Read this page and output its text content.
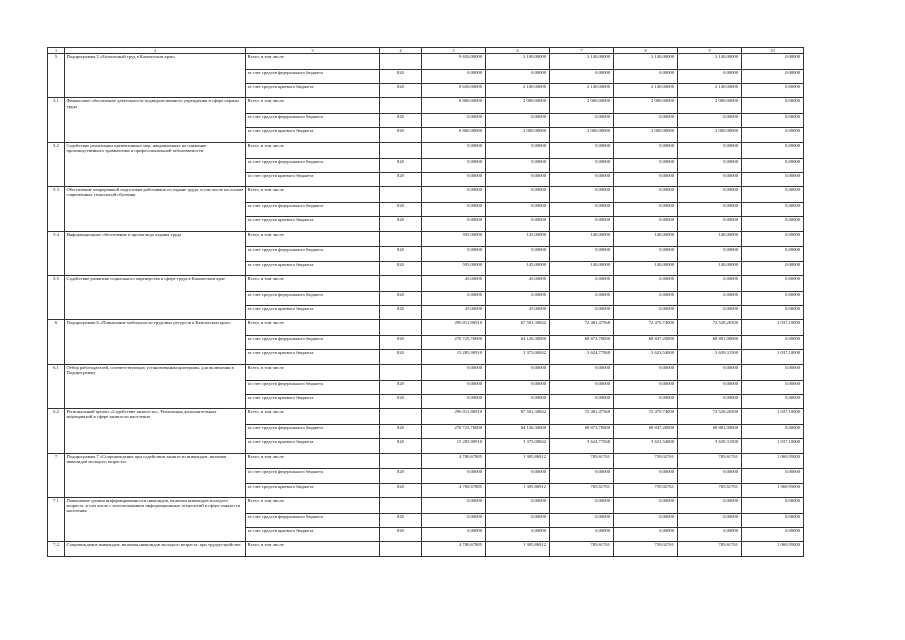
1	2	3	4	5	6	7	8	9	10
5	Подпрограмма 5 «Безопасный труд в Камчатском крае»	Всего, в том числе		9 650,00000	2 100,00000	2 140,00000	2 140,00000	2 140,00000	0,00000
		за счет средств федерального бюджета	820	0,00000	0,00000	0,00000	0,00000	0,00000	0,00000
		за счет средств краевого бюджета	820	9 650,00000	2 100,00000	2 140,00000	2 140,00000	2 140,00000	0,00000
5.1	Финансовое обеспечение деятельности подведомственного учреждения в сфере охраны труда	Всего, в том числе		8 860,00000	2 000,00000	2 060,00000	2 000,00000	2 000,00000	0,00000
		за счет средств федерального бюджета	820	0,00000	0,00000	0,00000	0,00000	0,00000	0,00000
		за счет средств краевого бюджета	820	8 860,00000	2 000,00000	2 060,00000	2 000,00000	2 000,00000	0,00000
5.2	Содействие реализации превентивных мер, направленных на снижение производственного травматизма и профессиональной заболеваемости	Всего, в том числе		0,00000	0,00000	0,00000	0,00000	0,00000	0,00000
		за счет средств федерального бюджета	820	0,00000	0,00000	0,00000	0,00000	0,00000	0,00000
		за счет средств краевого бюджета	820	0,00000	0,00000	0,00000	0,00000	0,00000	0,00000
5.3	Обеспечение непрерывной подготовки работников по охране труда, в том числе на основе современных технологий обучения	Всего, в том числе		0,00000	0,00000	0,00000	0,00000	0,00000	0,00000
		за счет средств федерального бюджета	820	0,00000	0,00000	0,00000	0,00000	0,00000	0,00000
		за счет средств краевого бюджета	820	0,00000	0,00000	0,00000	0,00000	0,00000	0,00000
5.4	Информационное обеспечение и пропаганда охраны труда	Всего, в том числе		595,00000	145,00000	140,00000	140,00000	140,00000	0,00000
		за счет средств федерального бюджета	820	0,00000	0,00000	0,00000	0,00000	0,00000	0,00000
		за счет средств краевого бюджета	820	595,00000	145,00000	140,00000	140,00000	140,00000	0,00000
5.5	Содействие развитию социального партнерства в сфере труда в Камчатском крае	Всего, в том числе		45,00000	45,00000	0,00000	0,00000	0,00000	0,00000
		за счет средств федерального бюджета	820	0,00000	0,00000	0,00000	0,00000	0,00000	0,00000
		за счет средств краевого бюджета	820	45,00000	45,00000	0,00000	0,00000	0,00000	0,00000
6	Подпрограмма 6 «Повышение мобильности трудовых ресурсов в Камчатском крае»	Всего, в том числе		296 011,86910	67 501,30842	72 481,47568	72 470,74000	72 520,26500	1 037,10000
		за счет средств федерального бюджета	820	270 725,76000	64 126,30000	68 873,70000	68 847,20000	68 881,00000	0,00000
		за счет средств краевого бюджета	820	15 285,90910	3 375,00842	3 624,77568	3 623,54000	3 639,31500	1 037,10000
6.1	Отбор работодателей, соответствующих установленным критериям, для включения в Подпрограмму	Всего, в том числе		0,00000	0,00000	0,00000	0,00000	0,00000	0,00000
		за счет средств федерального бюджета	820	0,00000	0,00000	0,00000	0,00000	0,00000	0,00000
		за счет средств краевого бюджета	820	0,00000	0,00000	0,00000	0,00000	0,00000	0,00000
6.2	Региональный проект «Содействие занятости». Реализация дополнительных мероприятий в сфере занятости населения	Всего, в том числе		296 011,86910	67 501,30842	72 481,47568	72 470,74000	72 520,26500	1 037,10000
		за счет средств федерального бюджета	820	270 725,76000	64 126,30000	68 873,70000	68 847,20000	68 881,00000	0,00000
		за счет средств краевого бюджета	820	15 285,90910	3 375,00842	3 624,77568	3 623,54000	3 639,31500	1 037,10000
7	Подпрограмма 7 «Сопровождение при содействии занятости инвалидов, включая инвалидов молодого возраста»	Всего, в том числе		4 780,67885	1 305,86912	785,61761	759,02761	785,61761	1 069,95000
		за счет средств федерального бюджета	820	0,00000	0,00000	0,00000	0,00000	0,00000	0,00000
		за счет средств краевого бюджета	820	4 780,67885	1 305,86912	785,61761	759,02761	785,61761	1 069,95000
7.1	Повышение уровня информированности инвалидов, включая инвалидов молодого возраста, в том числе с использованием информационных технологий в сфере занятости населения	Всего, в том числе		0,00000	0,00000	0,00000	0,00000	0,00000	0,00000
		за счет средств федерального бюджета	820	0,00000	0,00000	0,00000	0,00000	0,00000	0,00000
		за счет средств краевого бюджета	820	0,00000	0,00000	0,00000	0,00000	0,00000	0,00000
7.2	Сопровождение инвалидов, включая инвалидов молодого возраста, при трудоустройстве	Всего, в том числе		4 780,67885	1 305,86912	785,61761	759,02761	785,61761	1 069,95000
